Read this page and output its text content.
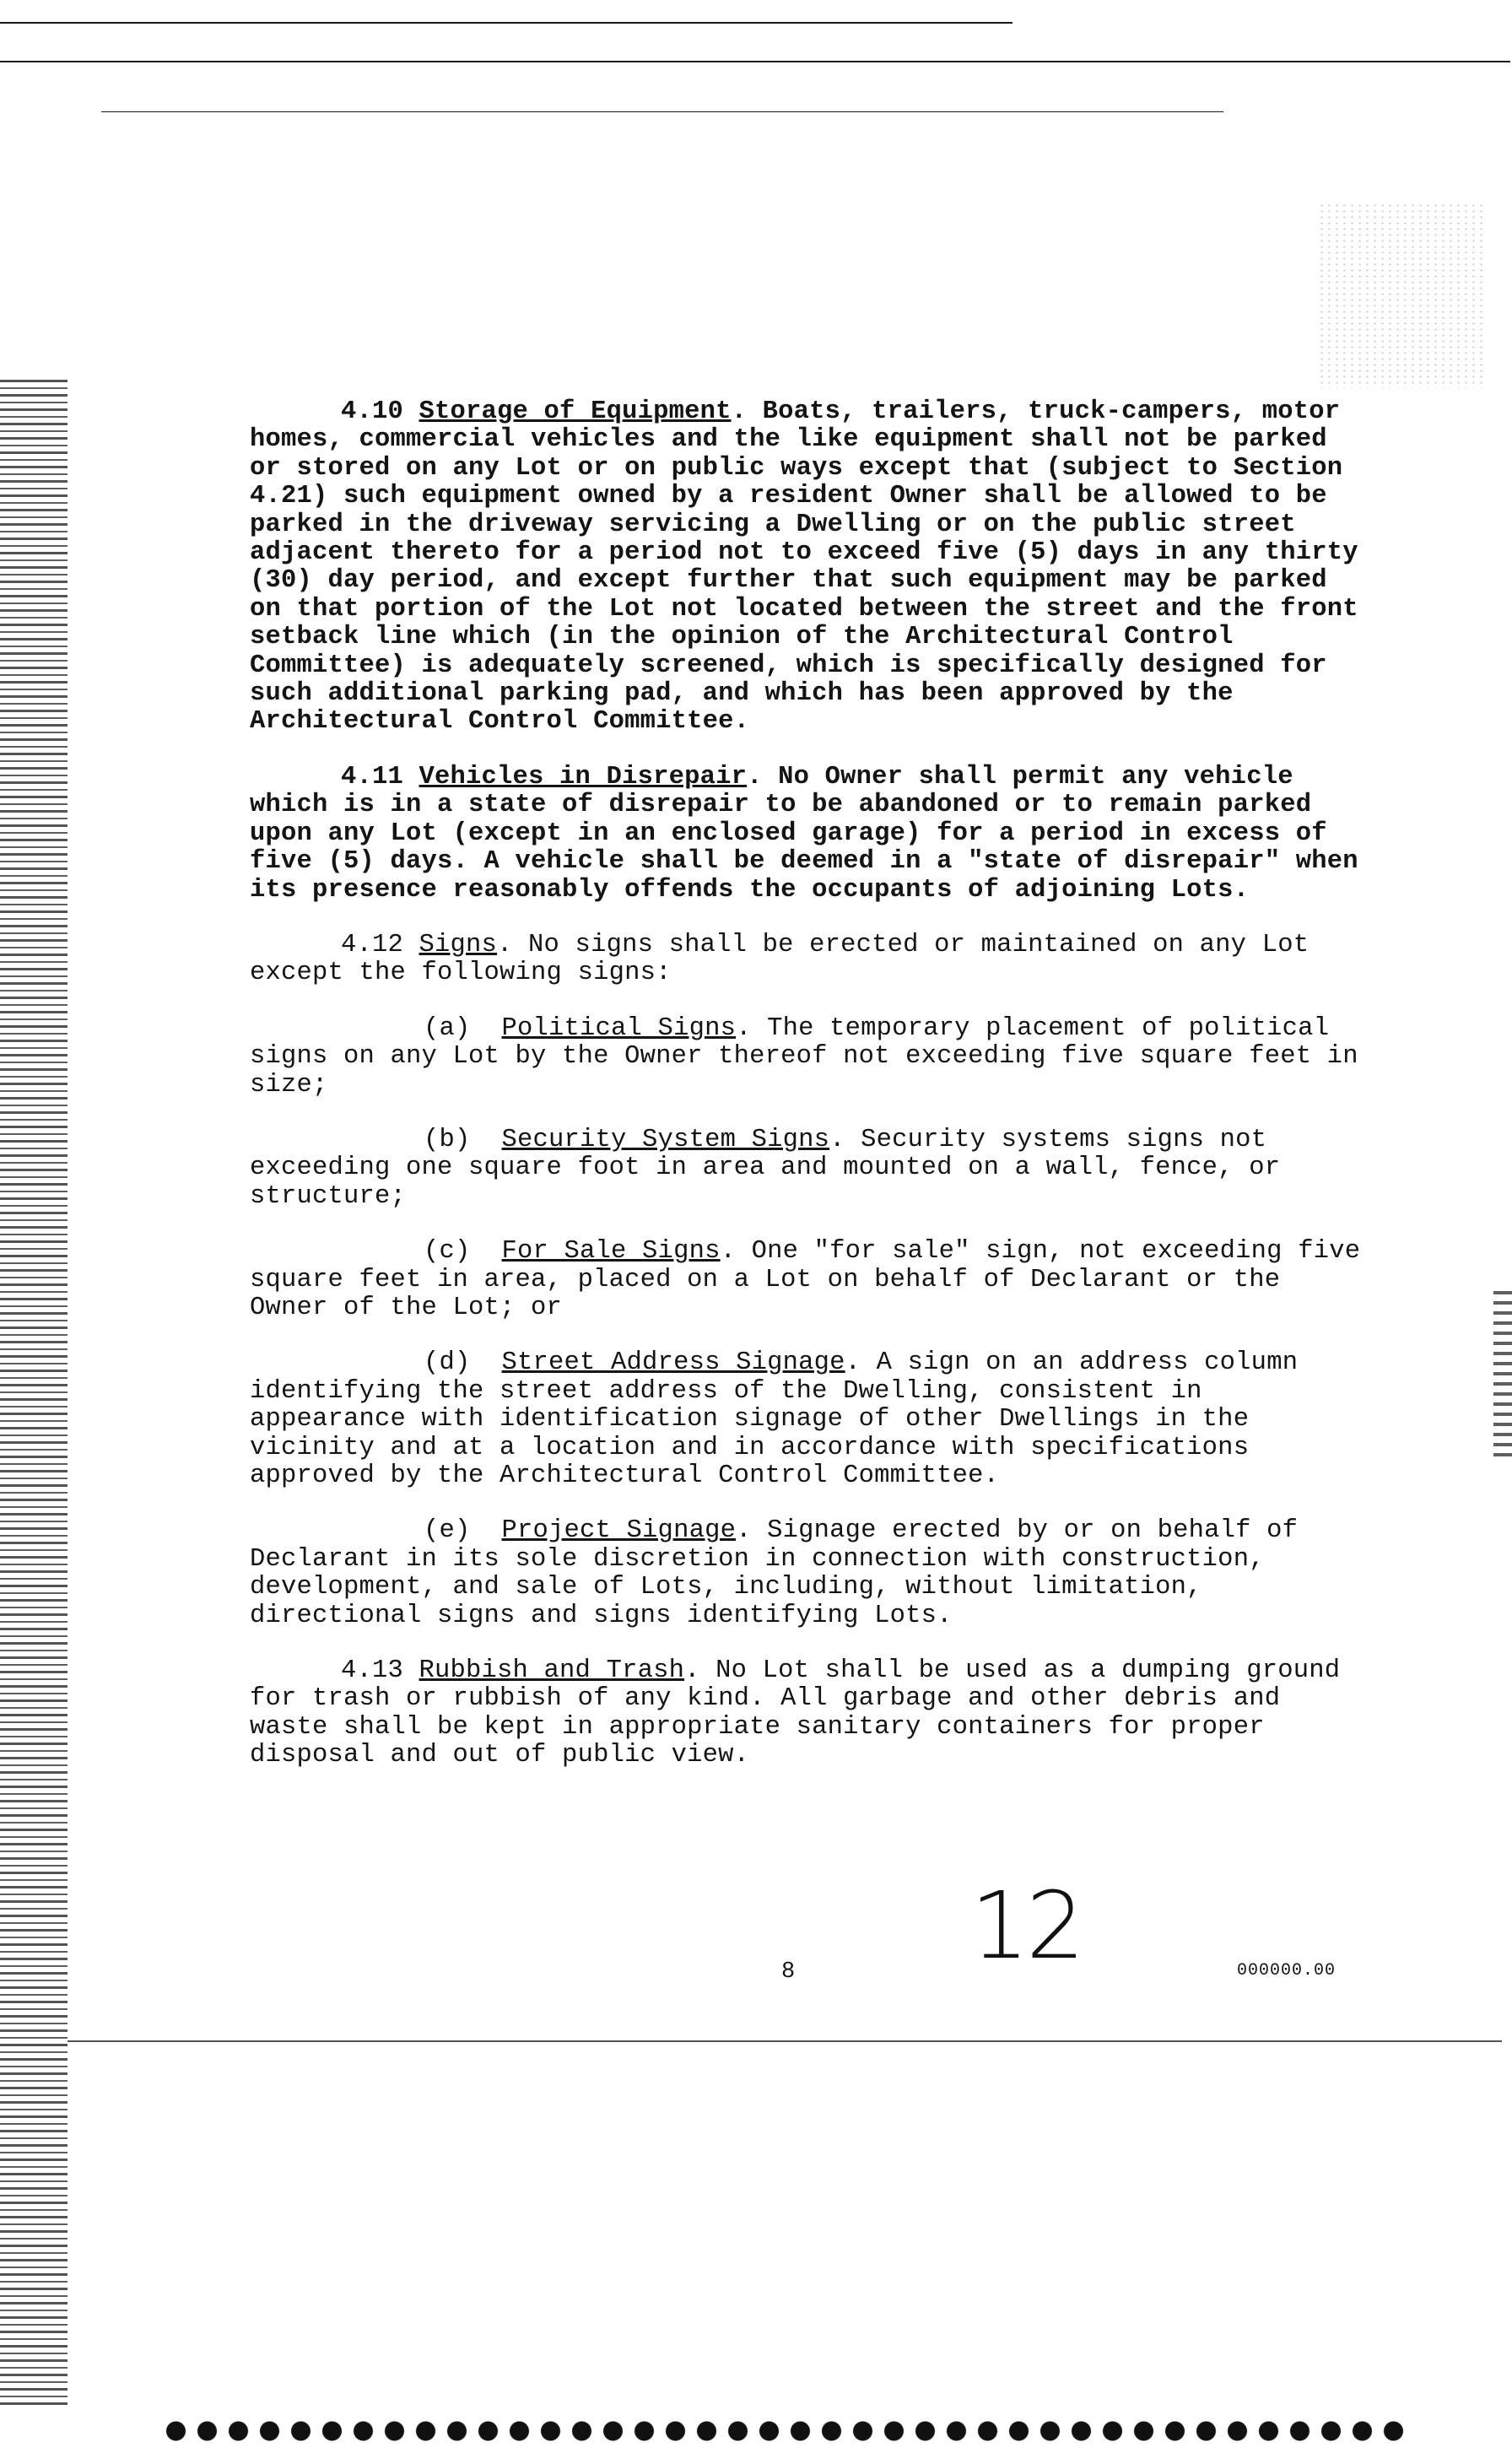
4.10 Storage of Equipment. Boats, trailers, truck-campers, motor homes, commercial vehicles and the like equipment shall not be parked or stored on any Lot or on public ways except that (subject to Section 4.21) such equipment owned by a resident Owner shall be allowed to be parked in the driveway servicing a Dwelling or on the public street adjacent thereto for a period not to exceed five (5) days in any thirty (30) day period, and except further that such equipment may be parked on that portion of the Lot not located between the street and the front setback line which (in the opinion of the Architectural Control Committee) is adequately screened, which is specifically designed for such additional parking pad, and which has been approved by the Architectural Control Committee.

4.11 Vehicles in Disrepair. No Owner shall permit any vehicle which is in a state of disrepair to be abandoned or to remain parked upon any Lot (except in an enclosed garage) for a period in excess of five (5) days. A vehicle shall be deemed in a "state of disrepair" when its presence reasonably offends the occupants of adjoining Lots.

4.12 Signs. No signs shall be erected or maintained on any Lot except the following signs:

(a) Political Signs. The temporary placement of political signs on any Lot by the Owner thereof not exceeding five square feet in size;

(b) Security System Signs. Security systems signs not exceeding one square foot in area and mounted on a wall, fence, or structure;

(c) For Sale Signs. One "for sale" sign, not exceeding five square feet in area, placed on a Lot on behalf of Declarant or the Owner of the Lot; or

(d) Street Address Signage. A sign on an address column identifying the street address of the Dwelling, consistent in appearance with identification signage of other Dwellings in the vicinity and at a location and in accordance with specifications approved by the Architectural Control Committee.

(e) Project Signage. Signage erected by or on behalf of Declarant in its sole discretion in connection with construction, development, and sale of Lots, including, without limitation, directional signs and signs identifying Lots.

4.13 Rubbish and Trash. No Lot shall be used as a dumping ground for trash or rubbish of any kind. All garbage and other debris and waste shall be kept in appropriate sanitary containers for proper disposal and out of public view.

12
8	000000.00
